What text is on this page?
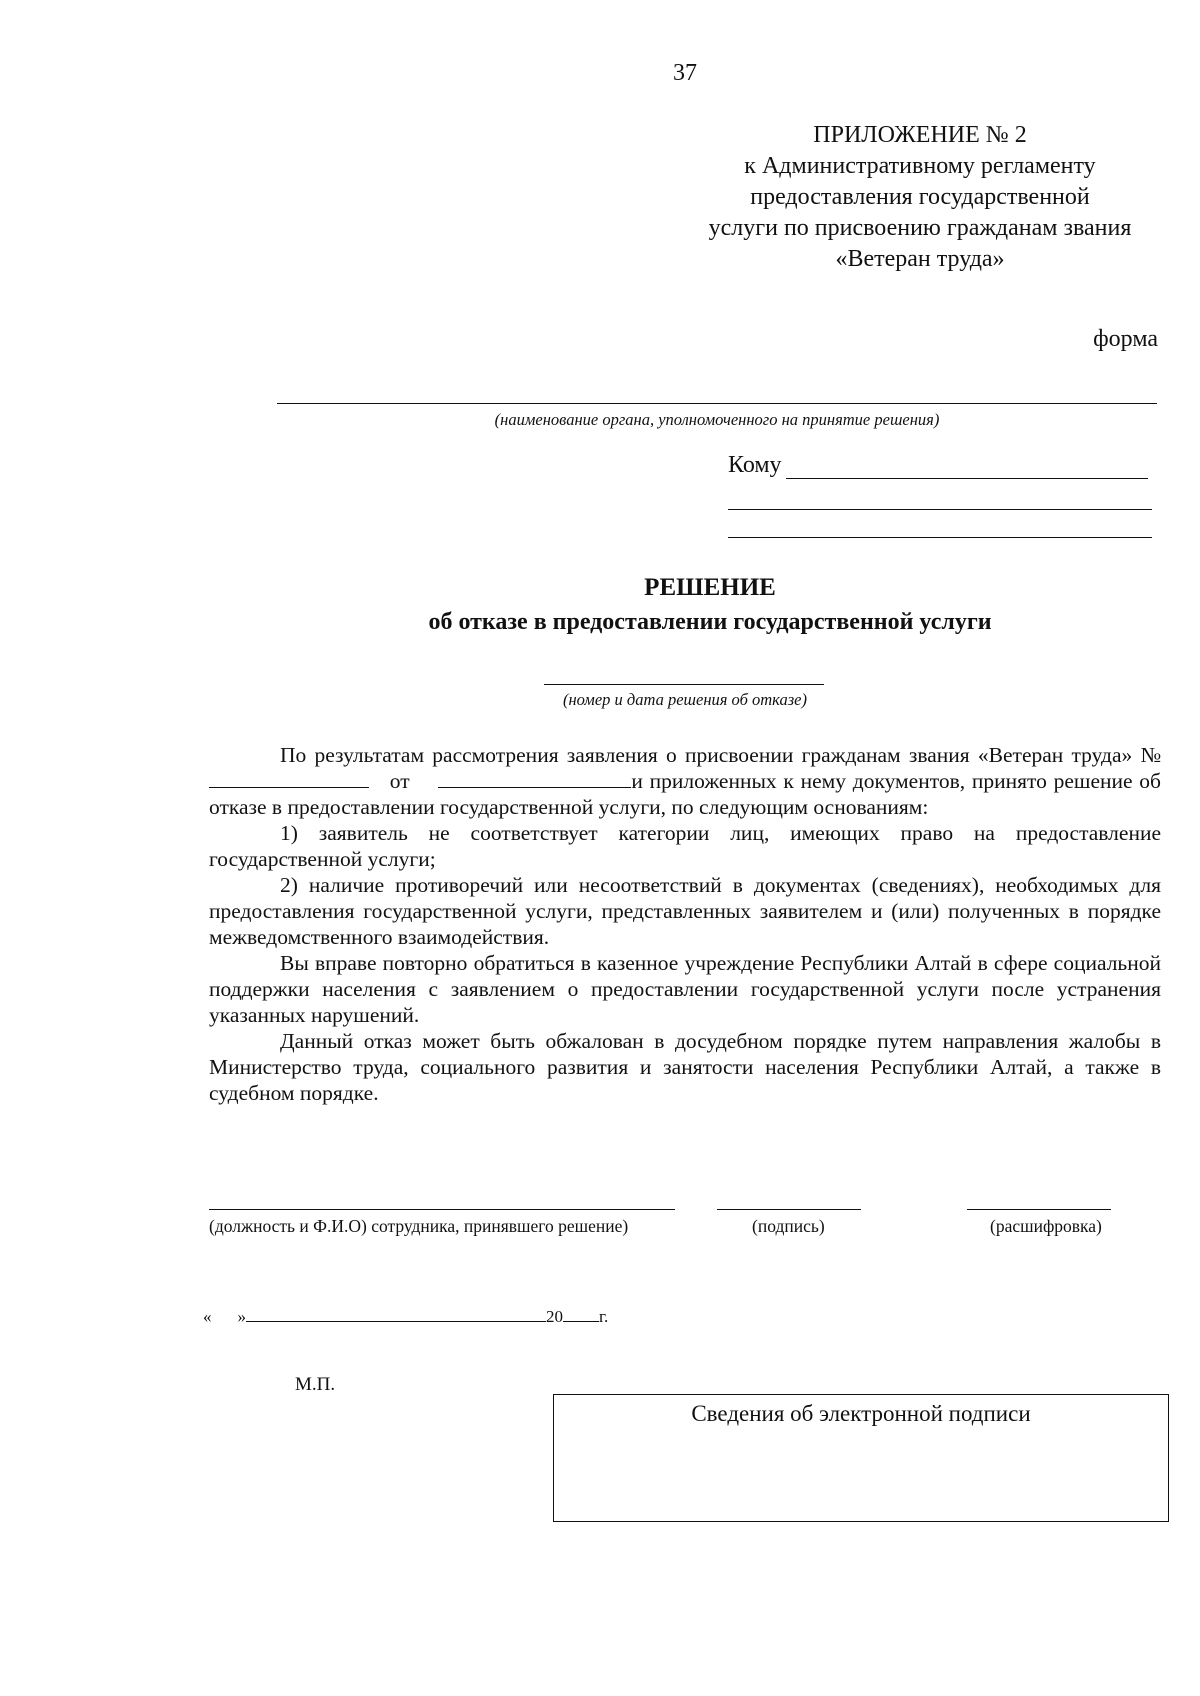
37
ПРИЛОЖЕНИЕ № 2
к Административному регламенту
предоставления государственной
услуги по присвоению гражданам звания
«Ветеран труда»
форма
(наименование органа, уполномоченного на принятие решения)
Кому
РЕШЕНИЕ
об отказе в предоставлении государственной услуги
(номер и дата решения об отказе)

По результатам рассмотрения заявления о присвоении гражданам звания «Ветеран труда» № от	и приложенных к нему документов, принято решение об отказе в предоставлении государственной услуги, по следующим основаниям:

1) заявитель не соответствует категории лиц, имеющих право на предоставление государственной услуги;

2) наличие противоречий или несоответствий в документах (сведениях), необходимых для предоставления государственной услуги, представленных заявителем и (или) полученных в порядке межведомственного взаимодействия.

Вы вправе повторно обратиться в казенное учреждение Республики Алтай в сфере социальной поддержки населения с заявлением о предоставлении государственной услуги после устранения указанных нарушений.

Данный отказ может быть обжалован в досудебном порядке путем направления жалобы в Министерство труда, социального развития и занятости населения Республики Алтай, а также в судебном порядке.

(должность и Ф.И.О) сотрудника, принявшего решение)	(подпись)	(расшифровка)
« »	20 г.
М.П.
Сведения об электронной подписи
